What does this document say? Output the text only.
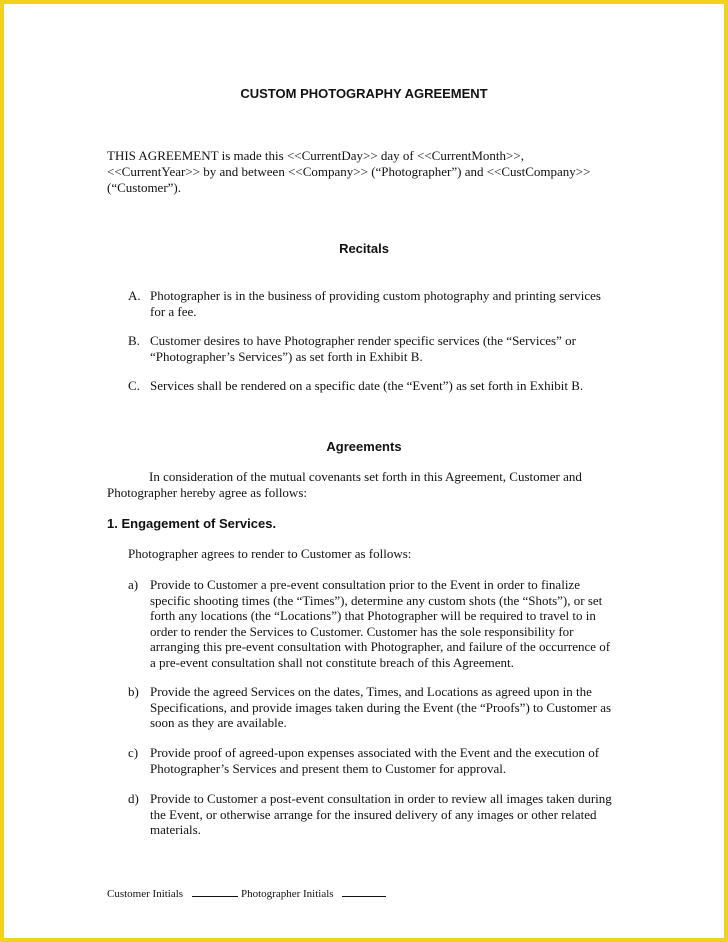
CUSTOM PHOTOGRAPHY AGREEMENT
THIS AGREEMENT is made this <<CurrentDay>> day of <<CurrentMonth>>,
<<CurrentYear>> by and between <<Company>> (“Photographer”) and <<CustCompany>>
(“Customer”).
Recitals
A. Photographer is in the business of providing custom photography and printing services
for a fee.
B. Customer desires to have Photographer render specific services (the “Services” or
“Photographer’s Services”) as set forth in Exhibit B.
C. Services shall be rendered on a specific date (the “Event”) as set forth in Exhibit B.
Agreements
In consideration of the mutual covenants set forth in this Agreement, Customer and
Photographer hereby agree as follows:
1. Engagement of Services.
Photographer agrees to render to Customer as follows:
a) Provide to Customer a pre-event consultation prior to the Event in order to finalize
specific shooting times (the “Times”), determine any custom shots (the “Shots”), or set
forth any locations (the “Locations”) that Photographer will be required to travel to in
order to render the Services to Customer. Customer has the sole responsibility for
arranging this pre-event consultation with Photographer, and failure of the occurrence of
a pre-event consultation shall not constitute breach of this Agreement.
b) Provide the agreed Services on the dates, Times, and Locations as agreed upon in the
Specifications, and provide images taken during the Event (the “Proofs”) to Customer as
soon as they are available.
c) Provide proof of agreed-upon expenses associated with the Event and the execution of
Photographer’s Services and present them to Customer for approval.
d) Provide to Customer a post-event consultation in order to review all images taken during
the Event, or otherwise arrange for the insured delivery of any images or other related
materials.
Customer Initials	Photographer Initials
